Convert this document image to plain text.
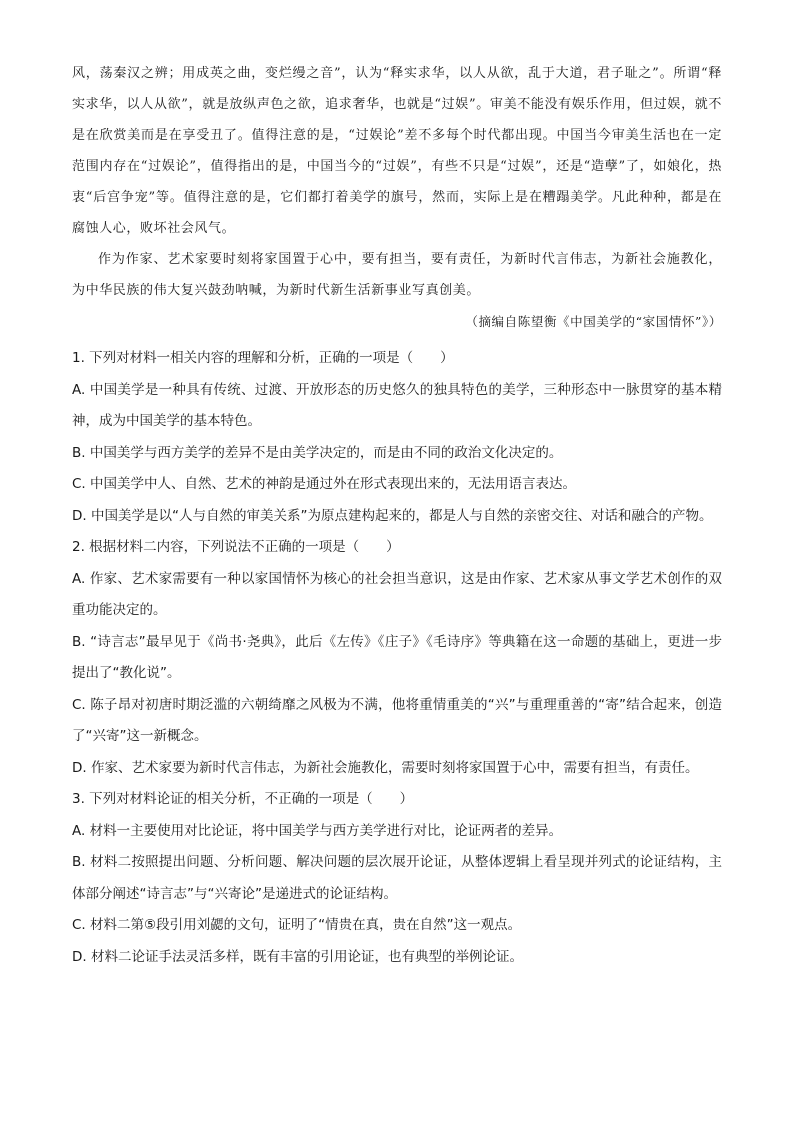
风，荡秦汉之辨；用成英之曲，变烂缦之音”，认为“释实求华，以人从欲，乱于大道，君子耻之”。所谓“释实求华，以人从欲”，就是放纵声色之欲，追求奢华，也就是“过娱”。审美不能没有娱乐作用，但过娱，就不是在欣赏美而是在享受丑了。值得注意的是，“过娱论”差不多每个时代都出现。中国当今审美生活也在一定范围内存在“过娱论”，值得指出的是，中国当今的“过娱”，有些不只是“过娱”，还是“造孽”了，如娘化，热衷“后宫争宠”等。值得注意的是，它们都打着美学的旗号，然而，实际上是在糟蹋美学。凡此种种，都是在腐蚀人心，败坏社会风气。

作为作家、艺术家要时刻将家国置于心中，要有担当，要有责任，为新时代言伟志，为新社会施教化，为中华民族的伟大复兴鼓劲呐喊，为新时代新生活新事业写真创美。

（摘编自陈望衡《中国美学的“家国情怀”》）

1. 下列对材料一相关内容的理解和分析，正确的一项是（　　）

A. 中国美学是一种具有传统、过渡、开放形态的历史悠久的独具特色的美学，三种形态中一脉贯穿的基本精神，成为中国美学的基本特色。

B. 中国美学与西方美学的差异不是由美学决定的，而是由不同的政治文化决定的。

C. 中国美学中人、自然、艺术的神韵是通过外在形式表现出来的，无法用语言表达。

D. 中国美学是以“人与自然的审美关系”为原点建构起来的，都是人与自然的亲密交往、对话和融合的产物。

2. 根据材料二内容，下列说法不正确的一项是（　　）

A. 作家、艺术家需要有一种以家国情怀为核心的社会担当意识，这是由作家、艺术家从事文学艺术创作的双重功能决定的。

B. “诗言志”最早见于《尚书·尧典》，此后《左传》《庄子》《毛诗序》等典籍在这一命题的基础上，更进一步提出了“教化说”。

C. 陈子昂对初唐时期泛滥的六朝绮靡之风极为不满，他将重情重美的“兴”与重理重善的“寄”结合起来，创造了“兴寄”这一新概念。

D. 作家、艺术家要为新时代言伟志，为新社会施教化，需要时刻将家国置于心中，需要有担当，有责任。

3. 下列对材料论证的相关分析，不正确的一项是（　　）

A. 材料一主要使用对比论证，将中国美学与西方美学进行对比，论证两者的差异。

B. 材料二按照提出问题、分析问题、解决问题的层次展开论证，从整体逻辑上看呈现并列式的论证结构，主体部分阐述“诗言志”与“兴寄论”是递进式的论证结构。

C. 材料二第⑤段引用刘勰的文句，证明了“情贵在真，贵在自然”这一观点。

D. 材料二论证手法灵活多样，既有丰富的引用论证，也有典型的举例论证。
